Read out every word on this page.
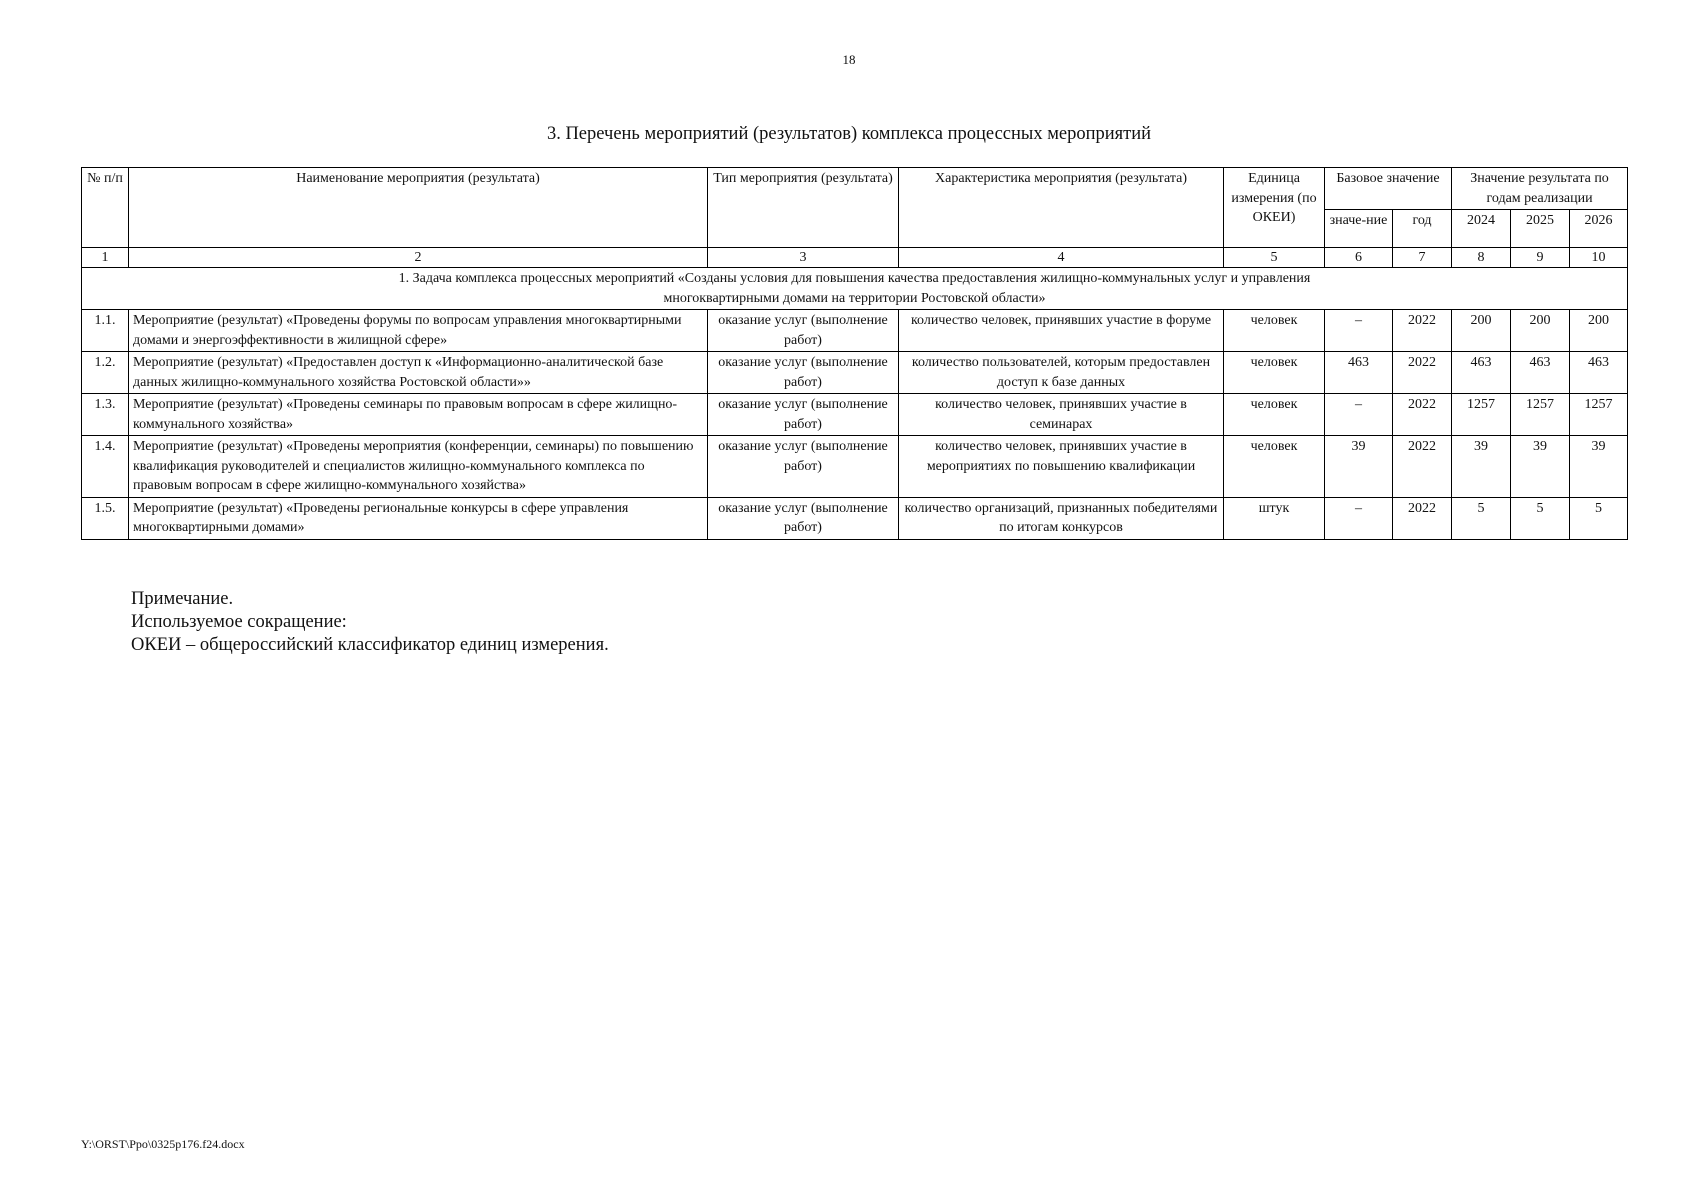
18
3. Перечень мероприятий (результатов) комплекса процессных мероприятий
№ п/п	Наименование мероприятия (результата)	Тип мероприятия (результата)	Характеристика мероприятия (результата)	Единица измерения (по ОКЕИ)	Базовое значение		Значение результата по годам реализации		
					значе-ние	год	2024	2025	2026
1	2	3	4	5	6	7	8	9	10
1. Задача комплекса процессных мероприятий «Созданы условия для повышения качества предоставления жилищно-коммунальных услуг и управления многоквартирными домами на территории Ростовской области»									
1.1.	Мероприятие (результат) «Проведены форумы по вопросам управления многоквартирными домами и энергоэффективности в жилищной сфере»	оказание услуг (выполнение работ)	количество человек, принявших участие в форуме	человек	–	2022	200	200	200
1.2.	Мероприятие (результат) «Предоставлен доступ к «Информационно-аналитической базе данных жилищно-коммунального хозяйства Ростовской области»»	оказание услуг (выполнение работ)	количество пользователей, которым предоставлен доступ к базе данных	человек	463	2022	463	463	463
1.3.	Мероприятие (результат) «Проведены семинары по правовым вопросам в сфере жилищно-коммунального хозяйства»	оказание услуг (выполнение работ)	количество человек, принявших участие в семинарах	человек	–	2022	1257	1257	1257
1.4.	Мероприятие (результат) «Проведены мероприятия (конференции, семинары) по повышению квалификация руководителей и специалистов жилищно-коммунального комплекса по правовым вопросам в сфере жилищно-коммунального хозяйства»	оказание услуг (выполнение работ)	количество человек, принявших участие в мероприятиях по повышению квалификации	человек	39	2022	39	39	39
1.5.	Мероприятие (результат) «Проведены региональные конкурсы в сфере управления многоквартирными домами»	оказание услуг (выполнение работ)	количество организаций, признанных победителями по итогам конкурсов	штук	–	2022	5	5	5
Примечание.
Используемое сокращение:
ОКЕИ – общероссийский классификатор единиц измерения.
Y:\ORST\Ppo\0325p176.f24.docx
